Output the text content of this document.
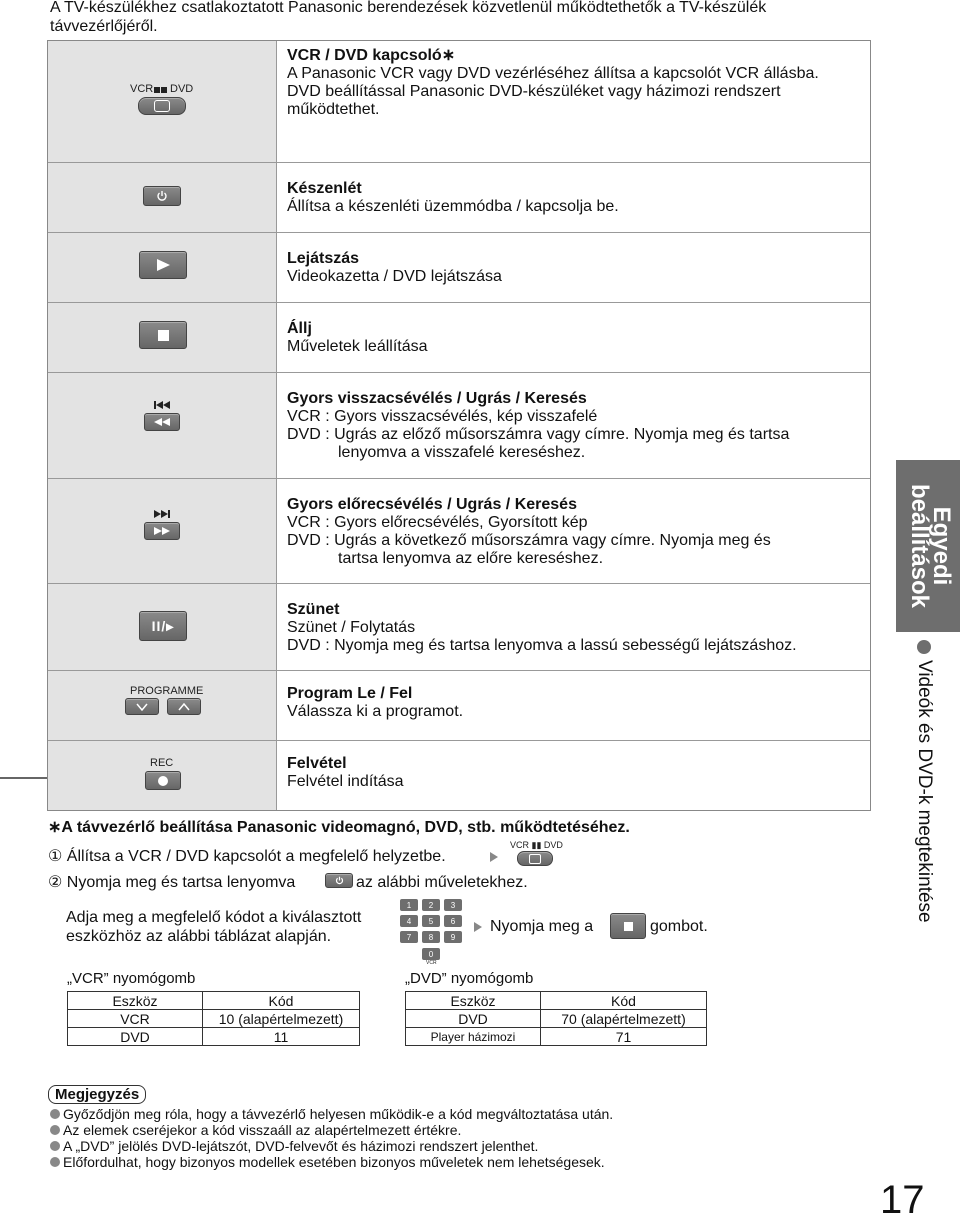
A TV-készülékhez csatlakoztatott Panasonic berendezések közvetlenül működtethetők a TV-készülék távvezérlőjéről.
VCR DVD
VCR / DVD kapcsoló∗
A Panasonic VCR vagy DVD vezérléséhez állítsa a kapcsolót VCR állásba.
DVD beállítással Panasonic DVD-készüléket vagy házimozi rendszert működtethet.
Készenlét
Állítsa a készenléti üzemmódba / kapcsolja be.
Lejátszás
Videokazetta / DVD lejátszása
Állj
Műveletek leállítása
Gyors visszacsévélés / Ugrás / Keresés
VCR : Gyors visszacsévélés, kép visszafelé
DVD : Ugrás az előző műsorszámra vagy címre. Nyomja meg és tartsa
lenyomva a visszafelé kereséshez.
Gyors előrecsévélés / Ugrás / Keresés
VCR : Gyors előrecsévélés, Gyorsított kép
DVD : Ugrás a következő műsorszámra vagy címre. Nyomja meg és
tartsa lenyomva az előre kereséshez.
II/▸
Szünet
Szünet / Folytatás
DVD : Nyomja meg és tartsa lenyomva a lassú sebességű lejátszáshoz.
PROGRAMME	Program Le / Fel
Válassza ki a programot.
REC	Felvétel
Felvétel indítása
∗A távvezérlő beállítása Panasonic videomagnó, DVD, stb. működtetéséhez.
① Állítsa a VCR / DVD kapcsolót a megfelelő helyzetbe.
VCR ▮▮ DVD
② Nyomja meg és tartsa lenyomva	az alábbi műveletekhez.
Adja meg a megfelelő kódot a kiválasztott
eszközhöz az alábbi táblázat alapján.
1	2	3
4	5	6
7	8	9
0
VCR
Nyomja meg a	gombot.
„VCR” nyomógomb
Eszköz	Kód
VCR	10 (alapértelmezett)
DVD	11
„DVD” nyomógomb
Eszköz	Kód
DVD	70 (alapértelmezett)
Player házimozi	71
Megjegyzés
Győződjön meg róla, hogy a távvezérlő helyesen működik-e a kód megváltoztatása után.
Az elemek cseréjekor a kód visszaáll az alapértelmezett értékre.
A „DVD” jelölés DVD-lejátszót, DVD-felvevőt és házimozi rendszert jelenthet.
Előfordulhat, hogy bizonyos modellek esetében bizonyos műveletek nem lehetségesek.
Egyedi beállítások
Videók és DVD-k megtekintése
17
